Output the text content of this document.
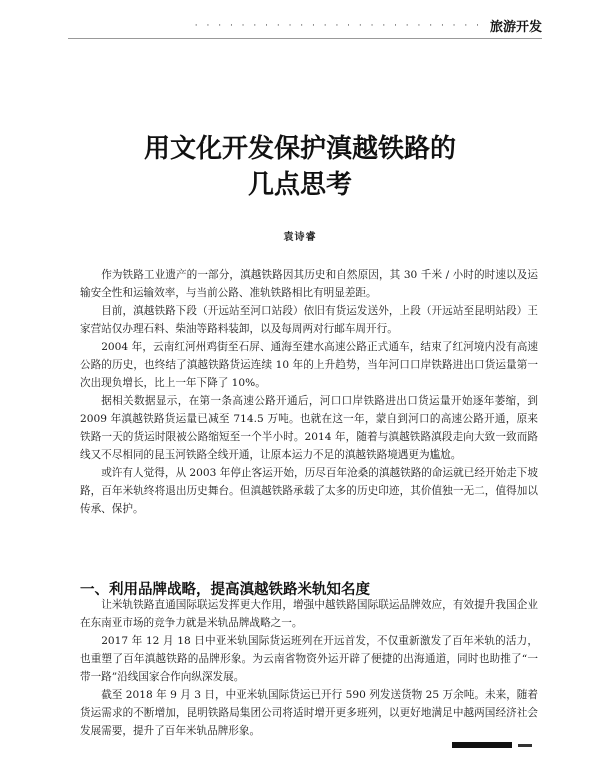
· · · · · · · · · · · · · · · · · · · · · · · · · 旅游开发
用文化开发保护滇越铁路的
几点思考
袁诗睿

作为铁路工业遗产的一部分，滇越铁路因其历史和自然原因，其 30 千米 / 小时的时速以及运输安全性和运输效率，与当前公路、准轨铁路相比有明显差距。

目前，滇越铁路下段（开远站至河口站段）依旧有货运发送外，上段（开远站至昆明站段）王家营站仅办理石料、柴油等路料装卸，以及每周两对行邮车周开行。

2004 年，云南红河州鸡街至石屏、通海至建水高速公路正式通车，结束了红河境内没有高速公路的历史，也终结了滇越铁路货运连续 10 年的上升趋势，当年河口口岸铁路进出口货运量第一次出现负增长，比上一年下降了 10%。

据相关数据显示，在第一条高速公路开通后，河口口岸铁路进出口货运量开始逐年萎缩，到 2009 年滇越铁路货运量已减至 714.5 万吨。也就在这一年，蒙自到河口的高速公路开通，原来铁路一天的货运时限被公路缩短至一个半小时。2014 年，随着与滇越铁路滇段走向大致一致而路线又不尽相同的昆玉河铁路全线开通，让原本运力不足的滇越铁路境遇更为尴尬。

或许有人觉得，从 2003 年停止客运开始，历尽百年沧桑的滇越铁路的命运就已经开始走下坡路，百年米轨终将退出历史舞台。但滇越铁路承载了太多的历史印迹，其价值独一无二，值得加以传承、保护。

一、利用品牌战略，提高滇越铁路米轨知名度

让米轨铁路直通国际联运发挥更大作用，增强中越铁路国际联运品牌效应，有效提升我国企业在东南亚市场的竞争力就是米轨品牌战略之一。

2017 年 12 月 18 日中亚米轨国际货运班列在开远首发，不仅重新激发了百年米轨的活力，也重塑了百年滇越铁路的品牌形象。为云南省物资外运开辟了便捷的出海通道，同时也助推了“一带一路”沿线国家合作向纵深发展。

截至 2018 年 9 月 3 日，中亚米轨国际货运已开行 590 列发送货物 25 万余吨。未来，随着货运需求的不断增加，昆明铁路局集团公司将适时增开更多班列，以更好地满足中越两国经济社会发展需要，提升了百年米轨品牌形象。
